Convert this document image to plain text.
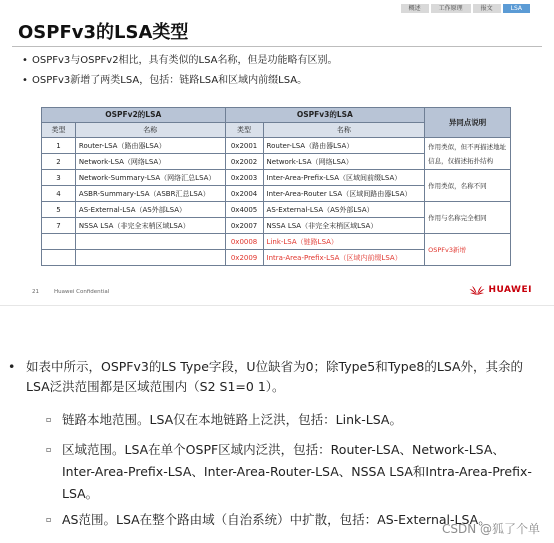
概述	工作原理	报文	LSA
OSPFv3的LSA类型
• OSPFv3与OSPFv2相比，具有类似的LSA名称，但是功能略有区别。
• OSPFv3新增了两类LSA，包括：链路LSA和区域内前缀LSA。
OSPFv2的LSA		OSPFv3的LSA		异同点说明
类型	名称	类型	名称	
1	Router-LSA（路由器LSA）	0x2001	Router-LSA（路由器LSA）	作用类似，但不再描述地址信息，仅描述拓扑结构
2	Network-LSA（网络LSA）	0x2002	Network-LSA（网络LSA）	
3	Network-Summary-LSA（网络汇总LSA）	0x2003	Inter-Area-Prefix-LSA（区域间前缀LSA）	作用类似，名称不同
4	ASBR-Summary-LSA（ASBR汇总LSA）	0x2004	Inter-Area-Router LSA（区域间路由器LSA）	
5	AS-External-LSA（AS外部LSA）	0x4005	AS-External-LSA（AS外部LSA）	作用与名称完全相同
7	NSSA LSA（非完全末梢区域LSA）	0x2007	NSSA LSA（非完全末梢区域LSA）	
		0x0008	Link-LSA（链路LSA）	OSPFv3新增
		0x2009	Intra-Area-Prefix-LSA（区域内前缀LSA）	
21	Huawei Confidential	HUAWEI
• 如表中所示，OSPFv3的LS Type字段，U位缺省为0；除Type5和Type8的LSA外，其余的LSA泛洪范围都是区域范围内（S2 S1=0 1）。
▫ 链路本地范围。LSA仅在本地链路上泛洪，包括：Link-LSA。
▫ 区域范围。LSA在单个OSPF区域内泛洪，包括：Router-LSA、Network-LSA、Inter-Area-Prefix-LSA、Inter-Area-Router-LSA、NSSA LSA和Intra-Area-Prefix-LSA。
▫ AS范围。LSA在整个路由域（自治系统）中扩散，包括：AS-External-LSA。
CSDN @狐了个单
